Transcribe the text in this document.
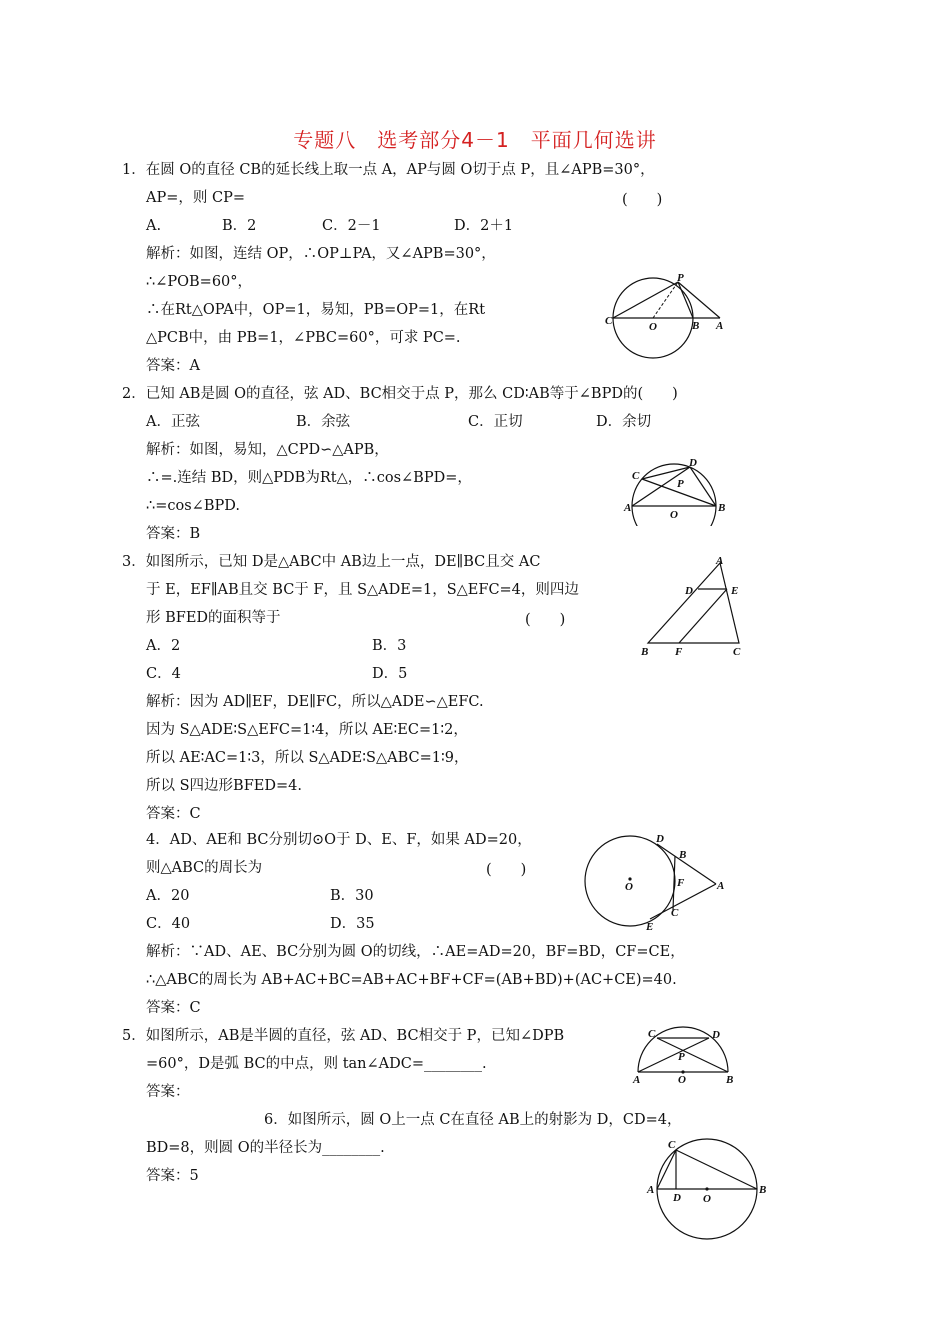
专题八　选考部分4－1　平面几何选讲
1．在圆 O的直径 CB的延长线上取一点 A，AP与圆 O切于点 P，且∠APB=30°，
AP=，则 CP=	(　　)
A.	B．2	C．2－1	D．2＋1
解析：如图，连结 OP，∴OP⊥PA，又∠APB=30°，
∴∠POB=60°，
∴在Rt△OPA中，OP=1，易知，PB=OP=1，在Rt
△PCB中，由 PB=1，∠PBC=60°，可求 PC=.
答案：A
P
C	O	B A
2．已知 AB是圆 O的直径，弦 AD、BC相交于点 P，那么 CD∶AB等于∠BPD的(　　)
A．正弦	B．余弦	C．正切	D．余切
解析：如图，易知，△CPD∽△APB，
∴=.连结 BD，则△PDB为Rt△，∴cos∠BPD=，
∴=cos∠BPD.
答案：B
D
C
P
A
O
B
3．如图所示，已知 D是△ABC中 AB边上一点，DE∥BC且交 AC
于 E，EF∥AB且交 BC于 F，且 S△ADE=1，S△EFC=4，则四边
形 BFED的面积等于	(　　)
A．2	B．3
C．4	D．5
解析：因为 AD∥EF，DE∥FC，所以△ADE∽△EFC.
因为 S△ADE∶S△EFC=1∶4，所以 AE∶EC=1∶2，
所以 AE∶AC=1∶3，所以 S△ADE∶S△ABC=1∶9，
所以 S四边形BFED=4.
答案：C
A
D	E
B F	C
4．AD、AE和 BC分别切⊙O于 D、E、F，如果 AD=20，
则△ABC的周长为	(　　)
A．20	B．30
C．40	D．35
解析：∵AD、AE、BC分别为圆 O的切线，∴AE=AD=20，BF=BD，CF=CE，
∴△ABC的周长为 AB+AC+BC=AB+AC+BF+CF=(AB+BD)+(AC+CE)=40.
答案：C
D
B
O	F	A
C
E
5．如图所示，AB是半圆的直径，弦 AD、BC相交于 P，已知∠DPB
=60°，D是弧 BC的中点，则 tan∠ADC=________.
答案：
C	D
P
A	O	B
6．如图所示，圆 O上一点 C在直径 AB上的射影为 D，CD=4，
BD=8，则圆 O的半径长为________.
答案：5
C
A
D O
B
